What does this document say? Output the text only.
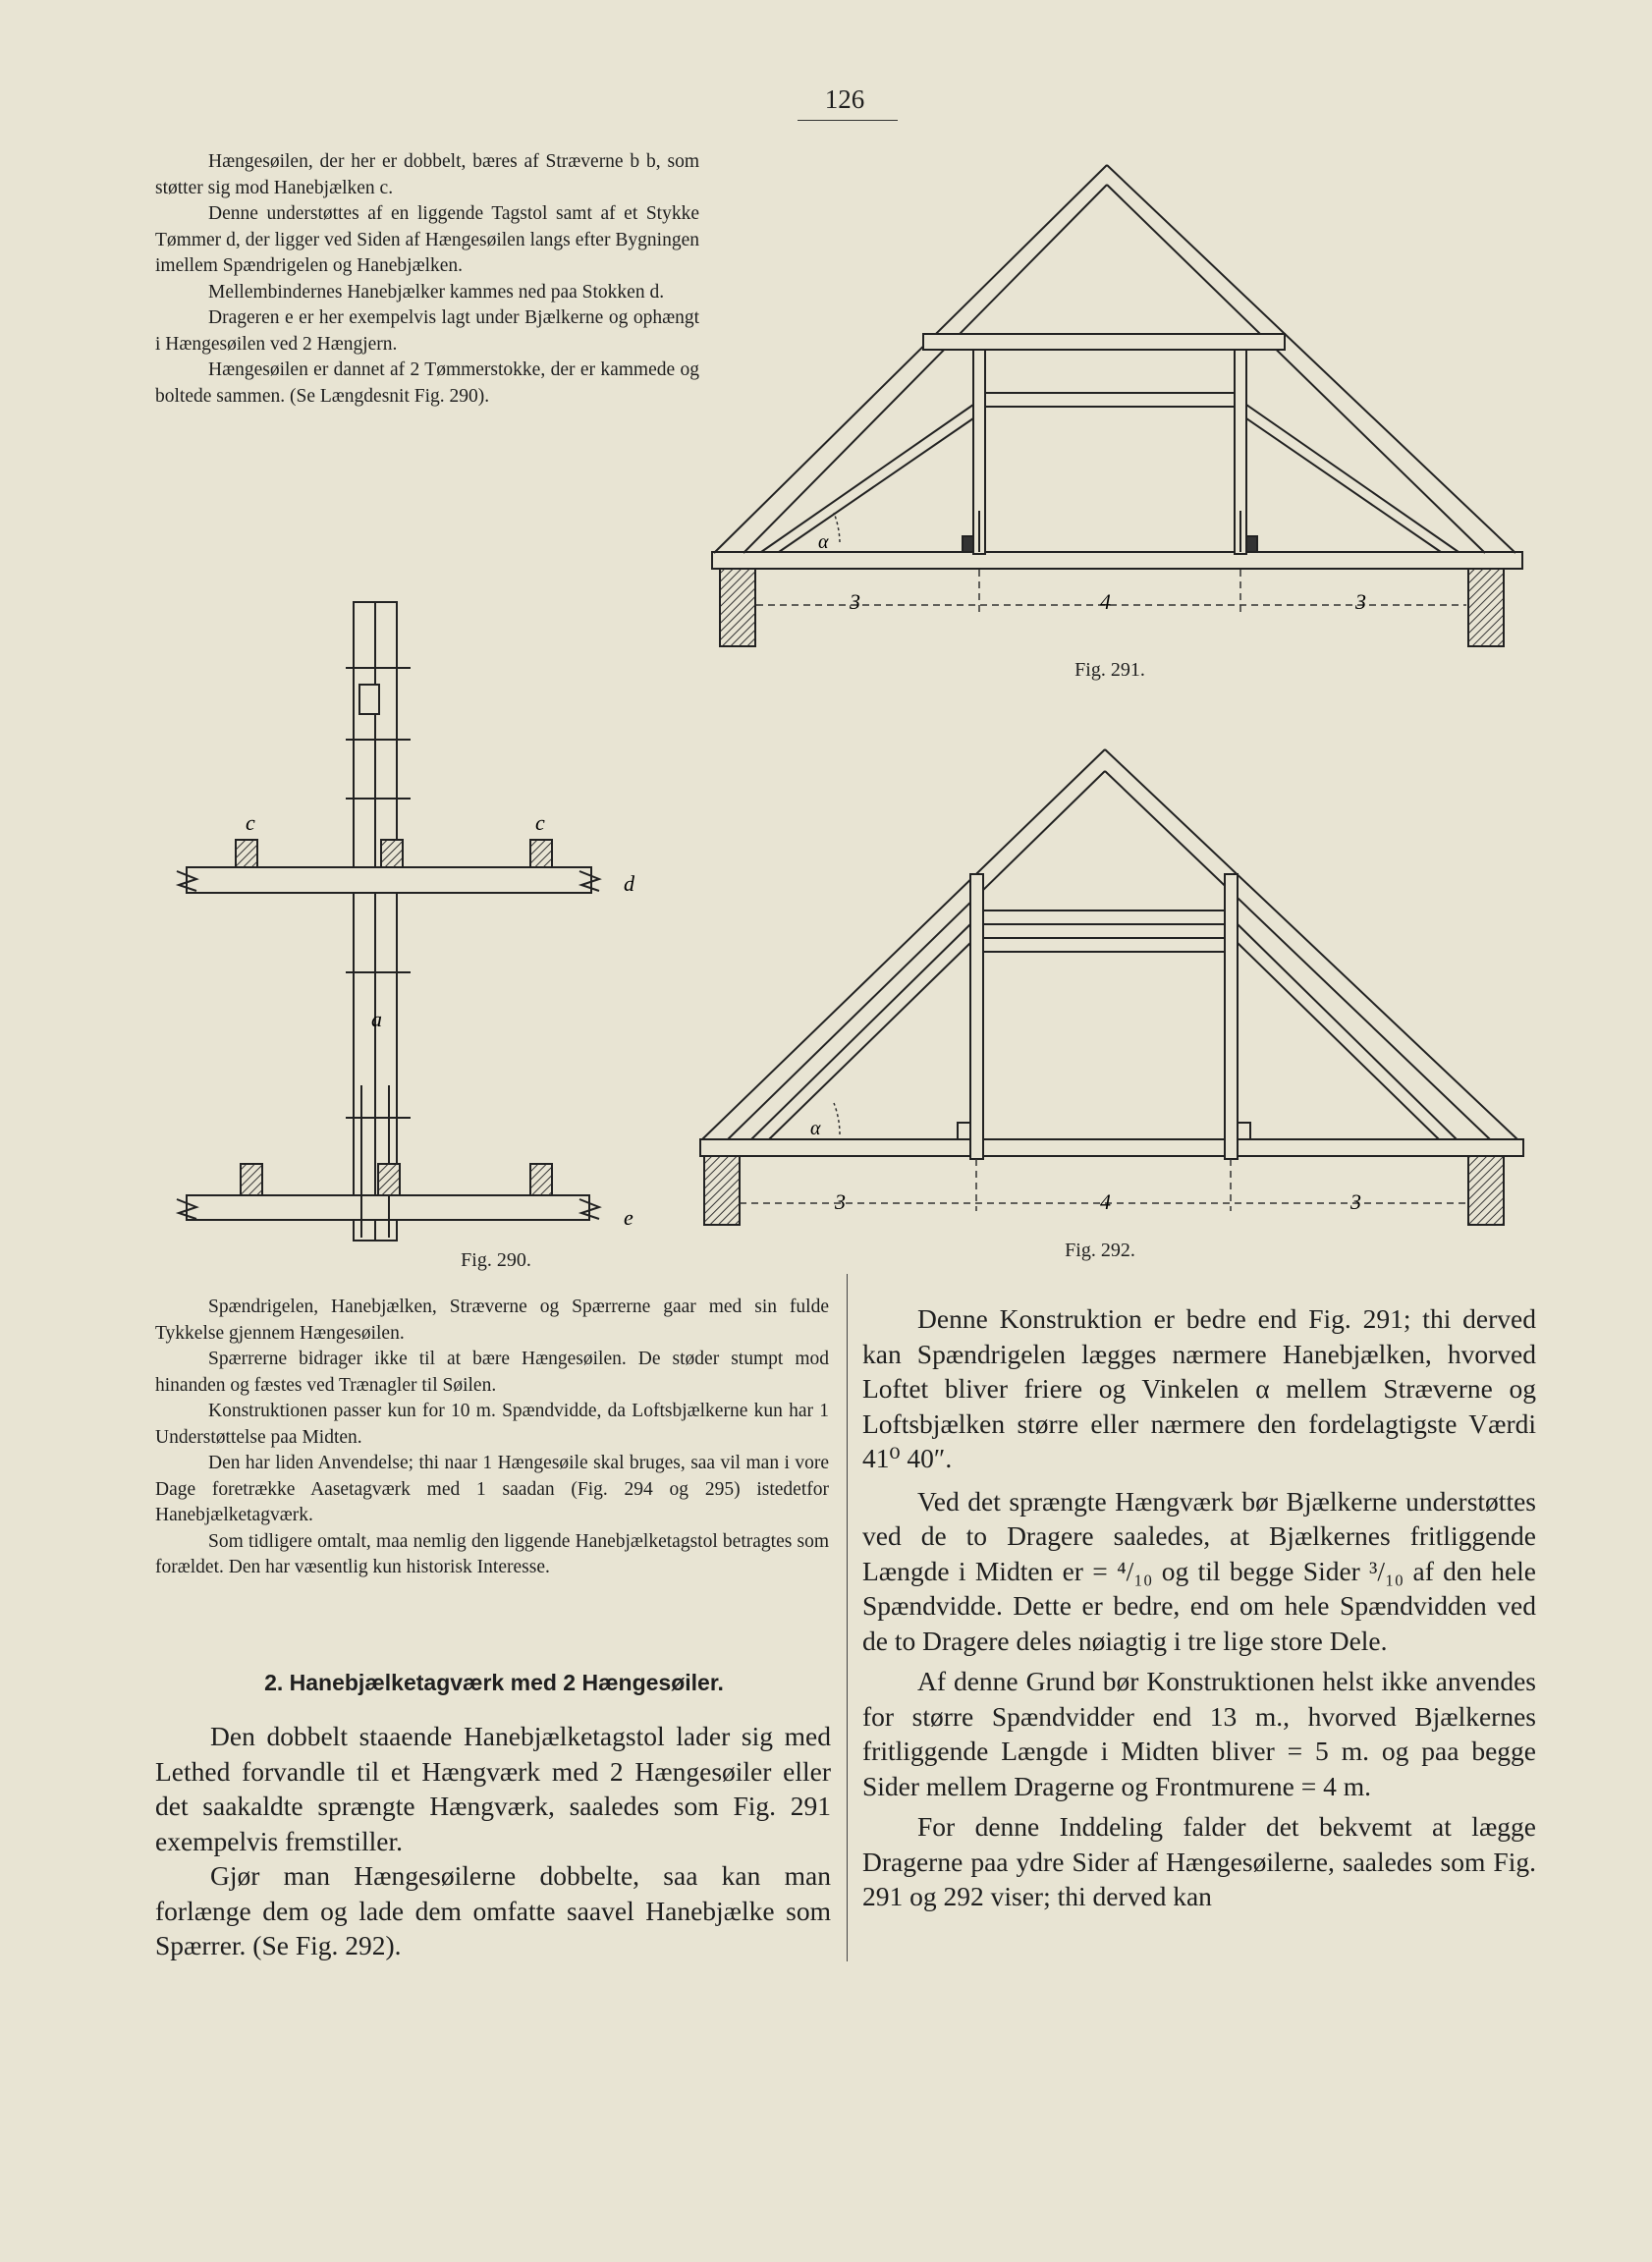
126

Hængesøilen, der her er dobbelt, bæres af Stræverne b b, som støtter sig mod Hanebjælken c.

Denne understøttes af en liggende Tagstol samt af et Stykke Tømmer d, der ligger ved Siden af Hængesøilen langs efter Bygningen imellem Spændrigelen og Hanebjælken.

Mellembindernes Hanebjælker kammes ned paa Stokken d.

Drageren e er her exempelvis lagt under Bjælkerne og ophængt i Hængesøilen ved 2 Hængjern.

Hængesøilen er dannet af 2 Tømmerstokke, der er kammede og boltede sammen. (Se Længdesnit Fig. 290).

α
3	4	3
Fig. 291.
c	c
d
a
e
Fig. 290.
α
3	4	3
Fig. 292.

Spændrigelen, Hanebjælken, Stræverne og Spærrerne gaar med sin fulde Tykkelse gjennem Hængesøilen.

Spærrerne bidrager ikke til at bære Hængesøilen. De støder stumpt mod hinanden og fæstes ved Trænagler til Søilen.

Konstruktionen passer kun for 10 m. Spændvidde, da Loftsbjælkerne kun har 1 Understøttelse paa Midten.

Den har liden Anvendelse; thi naar 1 Hængesøile skal bruges, saa vil man i vore Dage foretrække Aasetagværk med 1 saadan (Fig. 294 og 295) istedetfor Hanebjælketagværk.

Som tidligere omtalt, maa nemlig den liggende Hanebjælketagstol betragtes som forældet. Den har væsentlig kun historisk Interesse.

2. Hanebjælketagværk med 2 Hængesøiler.

Den dobbelt staaende Hanebjælketagstol lader sig med Lethed forvandle til et Hængværk med 2 Hængesøiler eller det saakaldte sprængte Hængværk, saaledes som Fig. 291 exempelvis fremstiller.

Gjør man Hængesøilerne dobbelte, saa kan man forlænge dem og lade dem omfatte saavel Hanebjælke som Spærrer. (Se Fig. 292).

Denne Konstruktion er bedre end Fig. 291; thi derved kan Spændrigelen lægges nærmere Hanebjælken, hvorved Loftet bliver friere og Vinkelen α mellem Stræverne og Loftsbjælken større eller nærmere den fordelagtigste Værdi 41⁰ 40″.

Ved det sprængte Hængværk bør Bjælkerne understøttes ved de to Dragere saaledes, at Bjælkernes fritliggende Længde i Midten er = ⁴/₁₀ og til begge Sider ³/₁₀ af den hele Spændvidde. Dette er bedre, end om hele Spændvidden ved de to Dragere deles nøiagtig i tre lige store Dele.

Af denne Grund bør Konstruktionen helst ikke anvendes for større Spændvidder end 13 m., hvorved Bjælkernes fritliggende Længde i Midten bliver = 5 m. og paa begge Sider mellem Dragerne og Frontmurene = 4 m.

For denne Inddeling falder det bekvemt at lægge Dragerne paa ydre Sider af Hængesøilerne, saaledes som Fig. 291 og 292 viser; thi derved kan
